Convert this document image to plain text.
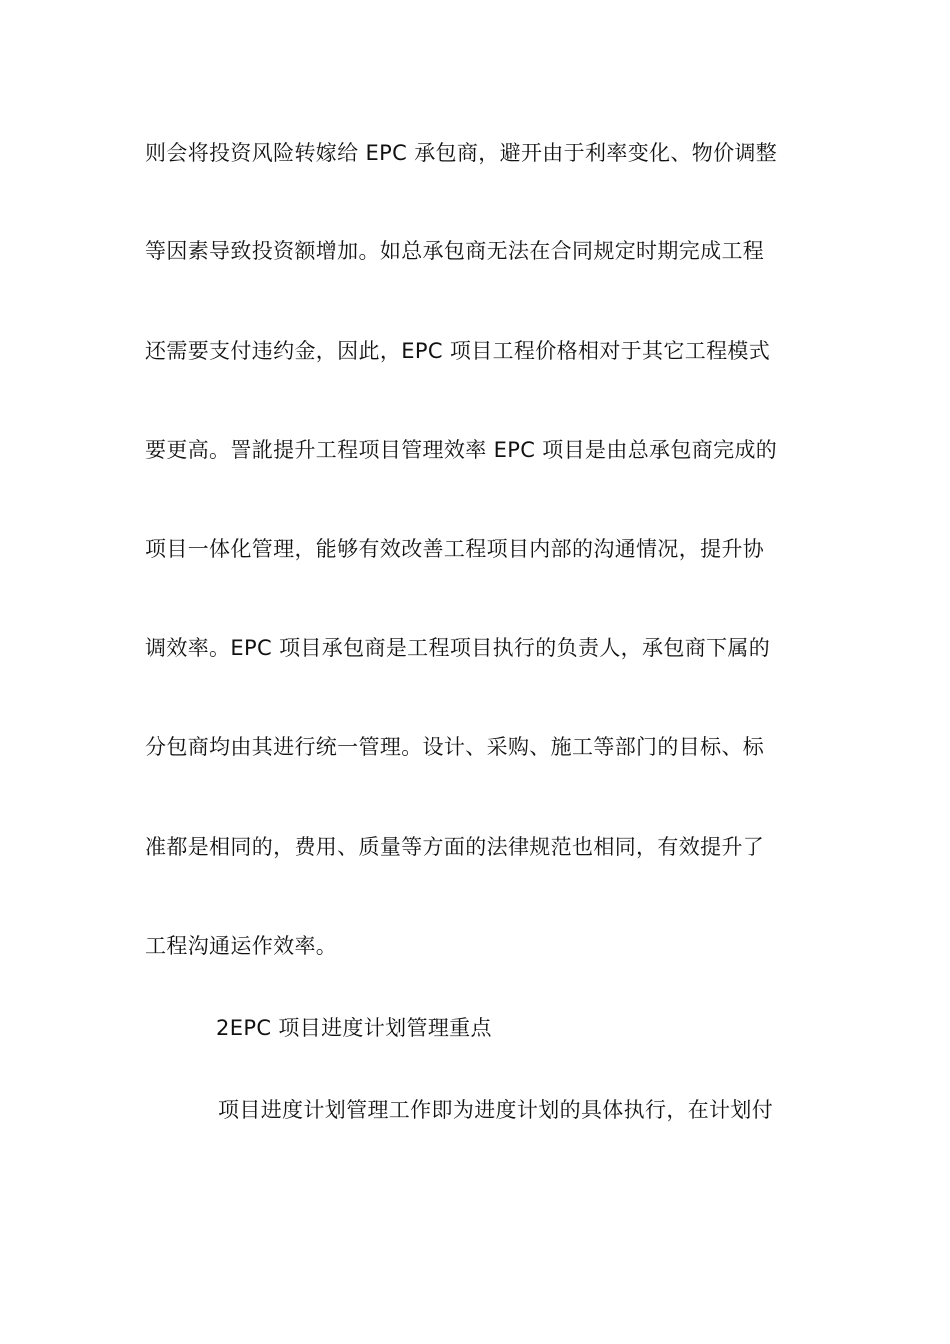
则会将投资风险转嫁给 EPC 承包商，避开由于利率变化、物价调整
等因素导致投资额增加。如总承包商无法在合同规定时期完成工程
还需要支付违约金，因此，EPC 项目工程价格相对于其它工程模式
要更高。詈訛提升工程项目管理效率 EPC 项目是由总承包商完成的
项目一体化管理，能够有效改善工程项目内部的沟通情况，提升协
调效率。EPC 项目承包商是工程项目执行的负责人，承包商下属的
分包商均由其进行统一管理。设计、采购、施工等部门的目标、标
准都是相同的，费用、质量等方面的法律规范也相同，有效提升了
工程沟通运作效率。
2EPC 项目进度计划管理重点
项目进度计划管理工作即为进度计划的具体执行，在计划付
